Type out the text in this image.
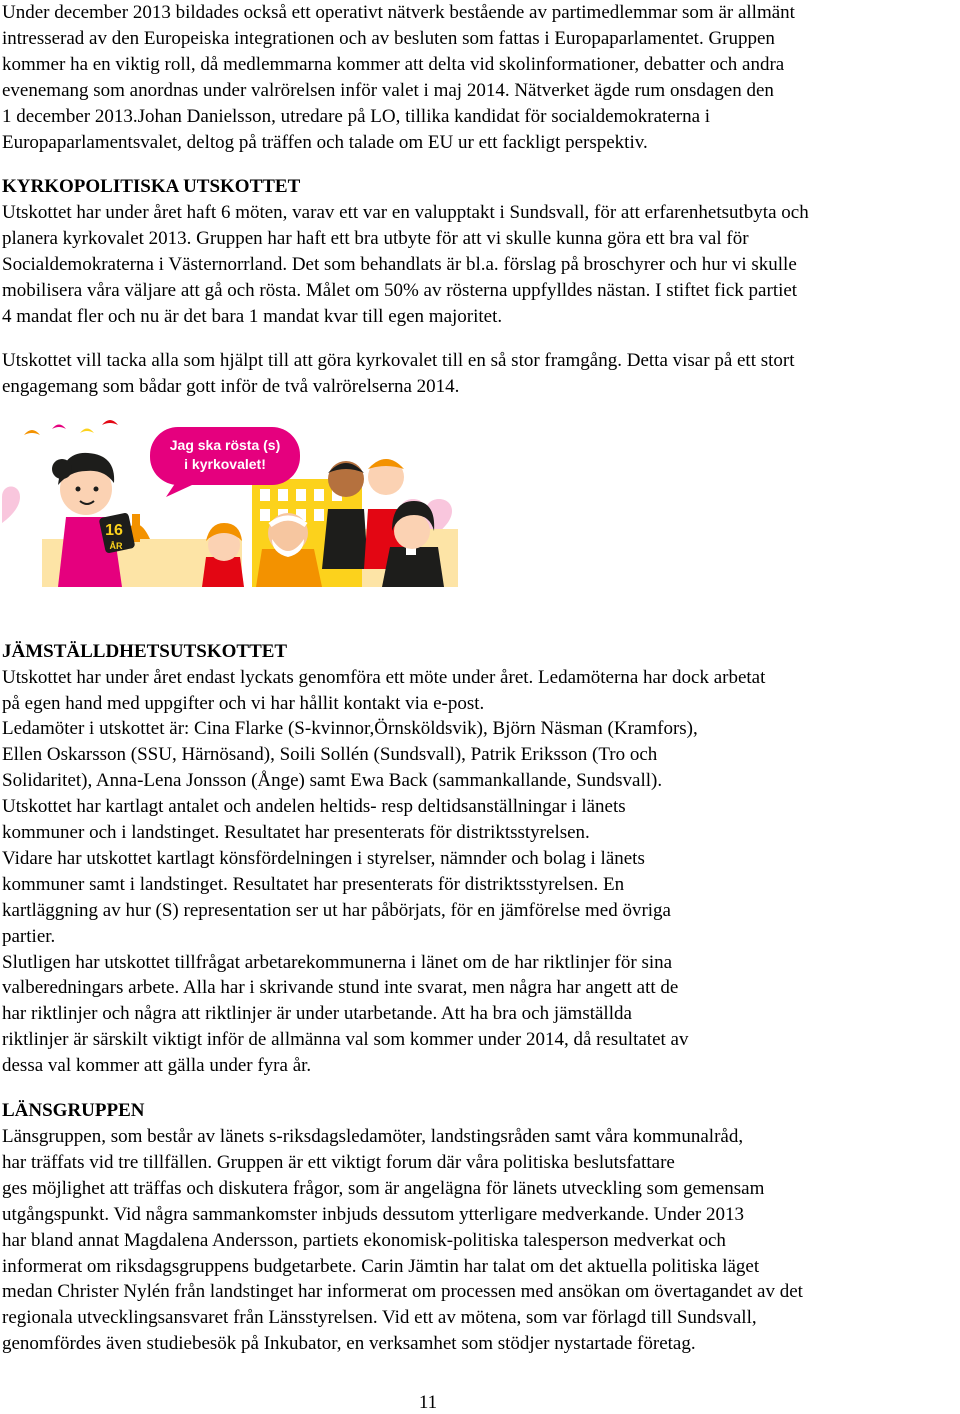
Under december 2013 bildades också ett operativt nätverk bestående av partimedlemmar som är allmänt
intresserad av den Europeiska integrationen och av besluten som fattas i Europaparlamentet. Gruppen
kommer ha en viktig roll, då medlemmarna kommer att delta vid skolinformationer, debatter och andra
evenemang som anordnas under valrörelsen inför valet i maj 2014. Nätverket ägde rum onsdagen den
1 december 2013.Johan Danielsson, utredare på LO, tillika kandidat för socialdemokraterna i
Europaparlamentsvalet, deltog på träffen och talade om EU ur ett fackligt perspektiv.

KYRKOPOLITISKA UTSKOTTET

Utskottet har under året haft 6 möten, varav ett var en valupptakt i Sundsvall, för att erfarenhetsutbyta och
planera kyrkovalet 2013. Gruppen har haft ett bra utbyte för att vi skulle kunna göra ett bra val för
Socialdemokraterna i Västernorrland. Det som behandlats är bl.a. förslag på broschyrer och hur vi skulle
mobilisera våra väljare att gå och rösta. Målet om 50% av rösterna uppfylldes nästan. I stiftet fick partiet
4 mandat fler och nu är det bara 1 mandat kvar till egen majoritet.

Utskottet vill tacka alla som hjälpt till att göra kyrkovalet till en så stor framgång. Detta visar på ett stort
engagemang som bådar gott inför de två valrörelserna 2014.

Jag ska rösta (s)
i kyrkovalet!
16
ÅR
JÄMSTÄLLDHETSUTSKOTTET

Utskottet har under året endast lyckats genomföra ett möte under året. Ledamöterna har dock arbetat
på egen hand med uppgifter och vi har hållit kontakt via e-post.
Ledamöter i utskottet är: Cina Flarke (S-kvinnor,Örnsköldsvik), Björn Näsman (Kramfors),
Ellen Oskarsson (SSU, Härnösand), Soili Sollén (Sundsvall), Patrik Eriksson (Tro och
Solidaritet), Anna-Lena Jonsson (Ånge) samt Ewa Back (sammankallande, Sundsvall).
Utskottet har kartlagt antalet och andelen heltids- resp deltidsanställningar i länets
kommuner och i landstinget. Resultatet har presenterats för distriktsstyrelsen.
Vidare har utskottet kartlagt könsfördelningen i styrelser, nämnder och bolag i länets
kommuner samt i landstinget. Resultatet har presenterats för distriktsstyrelsen. En
kartläggning av hur (S) representation ser ut har påbörjats, för en jämförelse med övriga
partier.
Slutligen har utskottet tillfrågat arbetarekommunerna i länet om de har riktlinjer för sina
valberedningars arbete. Alla har i skrivande stund inte svarat, men några har angett att de
har riktlinjer och några att riktlinjer är under utarbetande. Att ha bra och jämställda
riktlinjer är särskilt viktigt inför de allmänna val som kommer under 2014, då resultatet av
dessa val kommer att gälla under fyra år.

LÄNSGRUPPEN

Länsgruppen, som består av länets s-riksdagsledamöter, landstingsråden samt våra kommunalråd,
har träffats vid tre tillfällen. Gruppen är ett viktigt forum där våra politiska beslutsfattare
ges möjlighet att träffas och diskutera frågor, som är angelägna för länets utveckling som gemensam
utgångspunkt. Vid några sammankomster inbjuds dessutom ytterligare medverkande. Under 2013
har bland annat Magdalena Andersson, partiets ekonomisk-politiska talesperson medverkat och
informerat om riksdagsgruppens budgetarbete. Carin Jämtin har talat om det aktuella politiska läget
medan Christer Nylén från landstinget har informerat om processen med ansökan om övertagandet av det
regionala utvecklingsansvaret från Länsstyrelsen. Vid ett av mötena, som var förlagd till Sundsvall,
genomfördes även studiebesök på Inkubator, en verksamhet som stödjer nystartade företag.

11
